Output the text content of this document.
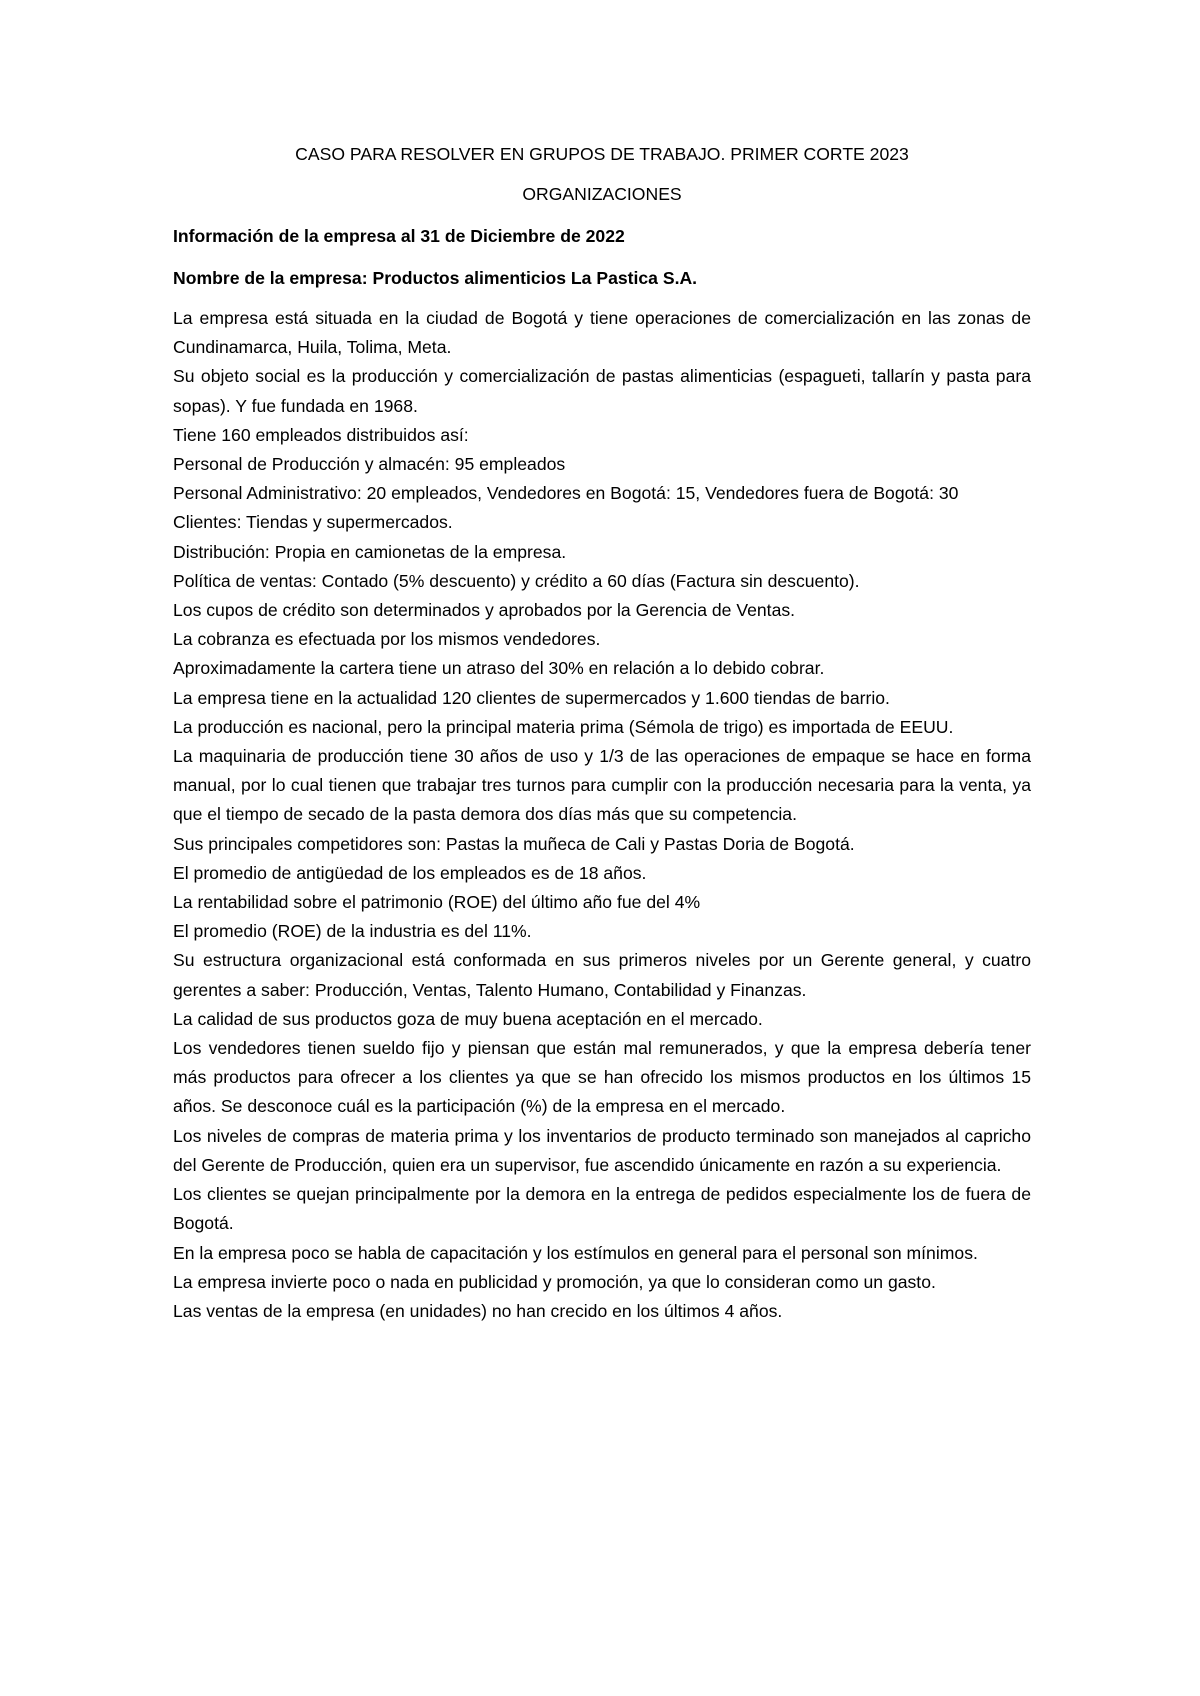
CASO PARA RESOLVER EN GRUPOS DE TRABAJO. PRIMER CORTE 2023

ORGANIZACIONES

Información de la empresa al 31 de Diciembre de 2022

Nombre de la empresa: Productos alimenticios La Pastica S.A.

La empresa está situada en la ciudad de Bogotá y tiene operaciones de comercialización en las zonas de Cundinamarca, Huila, Tolima, Meta.

Su objeto social es la producción y comercialización de pastas alimenticias (espagueti, tallarín y pasta para sopas). Y fue fundada en 1968.

Tiene 160 empleados distribuidos así:

Personal de Producción y almacén: 95 empleados

Personal Administrativo: 20 empleados, Vendedores en Bogotá: 15, Vendedores fuera de Bogotá: 30

Clientes: Tiendas y supermercados.

Distribución: Propia en camionetas de la empresa.

Política de ventas: Contado (5% descuento) y crédito a 60 días (Factura sin descuento).

Los cupos de crédito son determinados y aprobados por la Gerencia de Ventas.

La cobranza es efectuada por los mismos vendedores.

Aproximadamente la cartera tiene un atraso del 30% en relación a lo debido cobrar.

La empresa tiene en la actualidad 120 clientes de supermercados y 1.600 tiendas de barrio.

La producción es nacional, pero la principal materia prima (Sémola de trigo) es importada de EEUU.

La maquinaria de producción tiene 30 años de uso y 1/3 de las operaciones de empaque se hace en forma manual, por lo cual tienen que trabajar tres turnos para cumplir con la producción necesaria para la venta, ya que el tiempo de secado de la pasta demora dos días más que su competencia.

Sus principales competidores son: Pastas la muñeca de Cali y Pastas Doria de Bogotá.

El promedio de antigüedad de los empleados es de 18 años.

La rentabilidad sobre el patrimonio (ROE) del último año fue del 4%

El promedio (ROE) de la industria es del 11%.

Su estructura organizacional está conformada en sus primeros niveles por un Gerente general, y cuatro gerentes a saber: Producción, Ventas, Talento Humano, Contabilidad y Finanzas.

La calidad de sus productos goza de muy buena aceptación en el mercado.

Los vendedores tienen sueldo fijo y piensan que están mal remunerados, y que la empresa debería tener más productos para ofrecer a los clientes ya que se han ofrecido los mismos productos en los últimos 15 años. Se desconoce cuál es la participación (%) de la empresa en el mercado.

Los niveles de compras de materia prima y los inventarios de producto terminado son manejados al capricho del Gerente de Producción, quien era un supervisor, fue ascendido únicamente en razón a su experiencia.

Los clientes se quejan principalmente por la demora en la entrega de pedidos especialmente los de fuera de Bogotá.

En la empresa poco se habla de capacitación y los estímulos en general para el personal son mínimos.

La empresa invierte poco o nada en publicidad y promoción, ya que lo consideran como un gasto.

Las ventas de la empresa (en unidades) no han crecido en los últimos 4 años.
